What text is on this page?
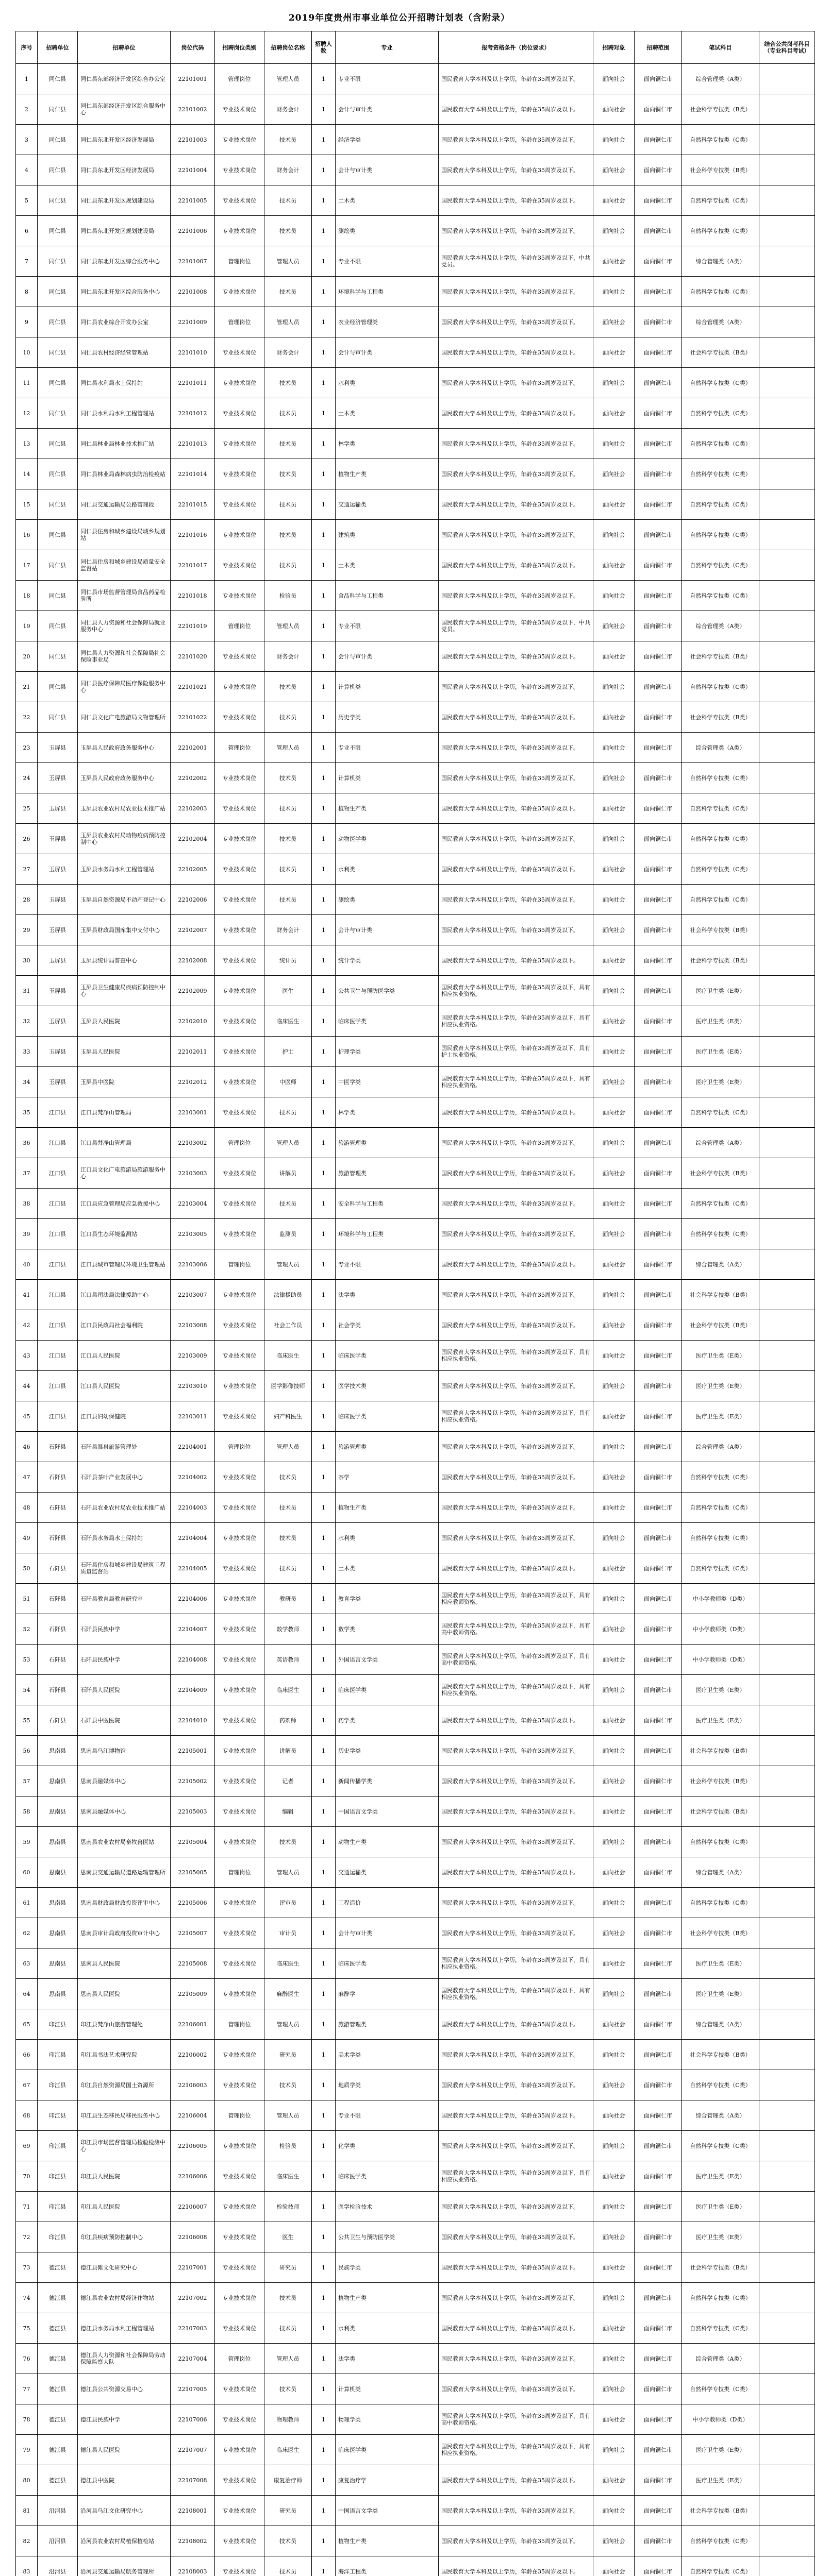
2019年度贵州市事业单位公开招聘计划表（含附录）
序号	招聘单位	招聘单位	岗位代码	招聘岗位类别	招聘岗位名称	招聘人数	专业	报考资格条件（岗位要求）	招聘对象	招聘范围	笔试科目	结合公共岗考科目（专业科目考试）
1	同仁县	同仁县东部经济开发区综合办公室	22101001	管理岗位	管理人员	1	专业不限	国民教育大学本科及以上学历，年龄在35周岁及以下。	面向社会	面向铜仁市	综合管理类（A类）	
2	同仁县	同仁县东部经济开发区综合服务中心	22101002	专业技术岗位	财务会计	1	会计与审计类	国民教育大学本科及以上学历，年龄在35周岁及以下。	面向社会	面向铜仁市	社会科学专技类（B类）	
3	同仁县	同仁县东北开发区经济发展局	22101003	专业技术岗位	技术员	1	经济学类	国民教育大学本科及以上学历，年龄在35周岁及以下。	面向社会	面向铜仁市	自然科学专技类（C类）	
4	同仁县	同仁县东北开发区经济发展局	22101004	专业技术岗位	财务会计	1	会计与审计类	国民教育大学本科及以上学历，年龄在35周岁及以下。	面向社会	面向铜仁市	社会科学专技类（B类）	
5	同仁县	同仁县东北开发区规划建设局	22101005	专业技术岗位	技术员	1	土木类	国民教育大学本科及以上学历，年龄在35周岁及以下。	面向社会	面向铜仁市	自然科学专技类（C类）	
6	同仁县	同仁县东北开发区规划建设局	22101006	专业技术岗位	技术员	1	测绘类	国民教育大学本科及以上学历，年龄在35周岁及以下。	面向社会	面向铜仁市	自然科学专技类（C类）	
7	同仁县	同仁县东北开发区综合服务中心	22101007	管理岗位	管理人员	1	专业不限	国民教育大学本科及以上学历，年龄在35周岁及以下，中共党员。	面向社会	面向铜仁市	综合管理类（A类）	
8	同仁县	同仁县东北开发区综合服务中心	22101008	专业技术岗位	技术员	1	环境科学与工程类	国民教育大学本科及以上学历，年龄在35周岁及以下。	面向社会	面向铜仁市	自然科学专技类（C类）	
9	同仁县	同仁县农业综合开发办公室	22101009	管理岗位	管理人员	1	农业经济管理类	国民教育大学本科及以上学历，年龄在35周岁及以下。	面向社会	面向铜仁市	综合管理类（A类）	
10	同仁县	同仁县农村经济经营管理站	22101010	专业技术岗位	财务会计	1	会计与审计类	国民教育大学本科及以上学历，年龄在35周岁及以下。	面向社会	面向铜仁市	社会科学专技类（B类）	
11	同仁县	同仁县水利局水土保持站	22101011	专业技术岗位	技术员	1	水利类	国民教育大学本科及以上学历，年龄在35周岁及以下。	面向社会	面向铜仁市	自然科学专技类（C类）	
12	同仁县	同仁县水利局水利工程管理站	22101012	专业技术岗位	技术员	1	土木类	国民教育大学本科及以上学历，年龄在35周岁及以下。	面向社会	面向铜仁市	自然科学专技类（C类）	
13	同仁县	同仁县林业局林业技术推广站	22101013	专业技术岗位	技术员	1	林学类	国民教育大学本科及以上学历，年龄在35周岁及以下。	面向社会	面向铜仁市	自然科学专技类（C类）	
14	同仁县	同仁县林业局森林病虫防治检疫站	22101014	专业技术岗位	技术员	1	植物生产类	国民教育大学本科及以上学历，年龄在35周岁及以下。	面向社会	面向铜仁市	自然科学专技类（C类）	
15	同仁县	同仁县交通运输局公路管理段	22101015	专业技术岗位	技术员	1	交通运输类	国民教育大学本科及以上学历，年龄在35周岁及以下。	面向社会	面向铜仁市	自然科学专技类（C类）	
16	同仁县	同仁县住房和城乡建设局城乡规划站	22101016	专业技术岗位	技术员	1	建筑类	国民教育大学本科及以上学历，年龄在35周岁及以下。	面向社会	面向铜仁市	自然科学专技类（C类）	
17	同仁县	同仁县住房和城乡建设局质量安全监督站	22101017	专业技术岗位	技术员	1	土木类	国民教育大学本科及以上学历，年龄在35周岁及以下。	面向社会	面向铜仁市	自然科学专技类（C类）	
18	同仁县	同仁县市场监督管理局食品药品检验所	22101018	专业技术岗位	检验员	1	食品科学与工程类	国民教育大学本科及以上学历，年龄在35周岁及以下。	面向社会	面向铜仁市	自然科学专技类（C类）	
19	同仁县	同仁县人力资源和社会保障局就业服务中心	22101019	管理岗位	管理人员	1	专业不限	国民教育大学本科及以上学历，年龄在35周岁及以下，中共党员。	面向社会	面向铜仁市	综合管理类（A类）	
20	同仁县	同仁县人力资源和社会保障局社会保险事业局	22101020	专业技术岗位	财务会计	1	会计与审计类	国民教育大学本科及以上学历，年龄在35周岁及以下。	面向社会	面向铜仁市	社会科学专技类（B类）	
21	同仁县	同仁县医疗保障局医疗保险服务中心	22101021	专业技术岗位	技术员	1	计算机类	国民教育大学本科及以上学历，年龄在35周岁及以下。	面向社会	面向铜仁市	自然科学专技类（C类）	
22	同仁县	同仁县文化广电旅游局文物管理所	22101022	专业技术岗位	技术员	1	历史学类	国民教育大学本科及以上学历，年龄在35周岁及以下。	面向社会	面向铜仁市	社会科学专技类（B类）	
23	玉屏县	玉屏县人民政府政务服务中心	22102001	管理岗位	管理人员	1	专业不限	国民教育大学本科及以上学历，年龄在35周岁及以下。	面向社会	面向铜仁市	综合管理类（A类）	
24	玉屏县	玉屏县人民政府政务服务中心	22102002	专业技术岗位	技术员	1	计算机类	国民教育大学本科及以上学历，年龄在35周岁及以下。	面向社会	面向铜仁市	自然科学专技类（C类）	
25	玉屏县	玉屏县农业农村局农业技术推广站	22102003	专业技术岗位	技术员	1	植物生产类	国民教育大学本科及以上学历，年龄在35周岁及以下。	面向社会	面向铜仁市	自然科学专技类（C类）	
26	玉屏县	玉屏县农业农村局动物疫病预防控制中心	22102004	专业技术岗位	技术员	1	动物医学类	国民教育大学本科及以上学历，年龄在35周岁及以下。	面向社会	面向铜仁市	自然科学专技类（C类）	
27	玉屏县	玉屏县水务局水利工程管理站	22102005	专业技术岗位	技术员	1	水利类	国民教育大学本科及以上学历，年龄在35周岁及以下。	面向社会	面向铜仁市	自然科学专技类（C类）	
28	玉屏县	玉屏县自然资源局不动产登记中心	22102006	专业技术岗位	技术员	1	测绘类	国民教育大学本科及以上学历，年龄在35周岁及以下。	面向社会	面向铜仁市	自然科学专技类（C类）	
29	玉屏县	玉屏县财政局国库集中支付中心	22102007	专业技术岗位	财务会计	1	会计与审计类	国民教育大学本科及以上学历，年龄在35周岁及以下。	面向社会	面向铜仁市	社会科学专技类（B类）	
30	玉屏县	玉屏县统计局普查中心	22102008	专业技术岗位	统计员	1	统计学类	国民教育大学本科及以上学历，年龄在35周岁及以下。	面向社会	面向铜仁市	社会科学专技类（B类）	
31	玉屏县	玉屏县卫生健康局疾病预防控制中心	22102009	专业技术岗位	医生	1	公共卫生与预防医学类	国民教育大学本科及以上学历，年龄在35周岁及以下，具有相应执业资格。	面向社会	面向铜仁市	医疗卫生类（E类）	
32	玉屏县	玉屏县人民医院	22102010	专业技术岗位	临床医生	1	临床医学类	国民教育大学本科及以上学历，年龄在35周岁及以下，具有相应执业资格。	面向社会	面向铜仁市	医疗卫生类（E类）	
33	玉屏县	玉屏县人民医院	22102011	专业技术岗位	护士	1	护理学类	国民教育大学本科及以上学历，年龄在35周岁及以下，具有护士执业资格。	面向社会	面向铜仁市	医疗卫生类（E类）	
34	玉屏县	玉屏县中医院	22102012	专业技术岗位	中医师	1	中医学类	国民教育大学本科及以上学历，年龄在35周岁及以下，具有相应执业资格。	面向社会	面向铜仁市	医疗卫生类（E类）	
35	江口县	江口县梵净山管理局	22103001	专业技术岗位	技术员	1	林学类	国民教育大学本科及以上学历，年龄在35周岁及以下。	面向社会	面向铜仁市	自然科学专技类（C类）	
36	江口县	江口县梵净山管理局	22103002	管理岗位	管理人员	1	旅游管理类	国民教育大学本科及以上学历，年龄在35周岁及以下。	面向社会	面向铜仁市	综合管理类（A类）	
37	江口县	江口县文化广电旅游局旅游服务中心	22103003	专业技术岗位	讲解员	1	旅游管理类	国民教育大学本科及以上学历，年龄在35周岁及以下。	面向社会	面向铜仁市	社会科学专技类（B类）	
38	江口县	江口县应急管理局应急救援中心	22103004	专业技术岗位	技术员	1	安全科学与工程类	国民教育大学本科及以上学历，年龄在35周岁及以下。	面向社会	面向铜仁市	自然科学专技类（C类）	
39	江口县	江口县生态环境监测站	22103005	专业技术岗位	监测员	1	环境科学与工程类	国民教育大学本科及以上学历，年龄在35周岁及以下。	面向社会	面向铜仁市	自然科学专技类（C类）	
40	江口县	江口县城市管理局环境卫生管理站	22103006	管理岗位	管理人员	1	专业不限	国民教育大学本科及以上学历，年龄在35周岁及以下。	面向社会	面向铜仁市	综合管理类（A类）	
41	江口县	江口县司法局法律援助中心	22103007	专业技术岗位	法律援助员	1	法学类	国民教育大学本科及以上学历，年龄在35周岁及以下。	面向社会	面向铜仁市	社会科学专技类（B类）	
42	江口县	江口县民政局社会福利院	22103008	专业技术岗位	社会工作员	1	社会学类	国民教育大学本科及以上学历，年龄在35周岁及以下。	面向社会	面向铜仁市	社会科学专技类（B类）	
43	江口县	江口县人民医院	22103009	专业技术岗位	临床医生	1	临床医学类	国民教育大学本科及以上学历，年龄在35周岁及以下，具有相应执业资格。	面向社会	面向铜仁市	医疗卫生类（E类）	
44	江口县	江口县人民医院	22103010	专业技术岗位	医学影像技师	1	医学技术类	国民教育大学本科及以上学历，年龄在35周岁及以下。	面向社会	面向铜仁市	医疗卫生类（E类）	
45	江口县	江口县妇幼保健院	22103011	专业技术岗位	妇产科医生	1	临床医学类	国民教育大学本科及以上学历，年龄在35周岁及以下，具有相应执业资格。	面向社会	面向铜仁市	医疗卫生类（E类）	
46	石阡县	石阡县温泉旅游管理处	22104001	管理岗位	管理人员	1	旅游管理类	国民教育大学本科及以上学历，年龄在35周岁及以下。	面向社会	面向铜仁市	综合管理类（A类）	
47	石阡县	石阡县茶叶产业发展中心	22104002	专业技术岗位	技术员	1	茶学	国民教育大学本科及以上学历，年龄在35周岁及以下。	面向社会	面向铜仁市	自然科学专技类（C类）	
48	石阡县	石阡县农业农村局农业技术推广站	22104003	专业技术岗位	技术员	1	植物生产类	国民教育大学本科及以上学历，年龄在35周岁及以下。	面向社会	面向铜仁市	自然科学专技类（C类）	
49	石阡县	石阡县水务局水土保持站	22104004	专业技术岗位	技术员	1	水利类	国民教育大学本科及以上学历，年龄在35周岁及以下。	面向社会	面向铜仁市	自然科学专技类（C类）	
50	石阡县	石阡县住房和城乡建设局建筑工程质量监督站	22104005	专业技术岗位	技术员	1	土木类	国民教育大学本科及以上学历，年龄在35周岁及以下。	面向社会	面向铜仁市	自然科学专技类（C类）	
51	石阡县	石阡县教育局教育研究室	22104006	专业技术岗位	教研员	1	教育学类	国民教育大学本科及以上学历，年龄在35周岁及以下，具有相应教师资格。	面向社会	面向铜仁市	中小学教师类（D类）	
52	石阡县	石阡县民族中学	22104007	专业技术岗位	数学教师	1	数学类	国民教育大学本科及以上学历，年龄在35周岁及以下，具有高中教师资格。	面向社会	面向铜仁市	中小学教师类（D类）	
53	石阡县	石阡县民族中学	22104008	专业技术岗位	英语教师	1	外国语言文学类	国民教育大学本科及以上学历，年龄在35周岁及以下，具有高中教师资格。	面向社会	面向铜仁市	中小学教师类（D类）	
54	石阡县	石阡县人民医院	22104009	专业技术岗位	临床医生	1	临床医学类	国民教育大学本科及以上学历，年龄在35周岁及以下，具有相应执业资格。	面向社会	面向铜仁市	医疗卫生类（E类）	
55	石阡县	石阡县中医医院	22104010	专业技术岗位	药剂师	1	药学类	国民教育大学本科及以上学历，年龄在35周岁及以下。	面向社会	面向铜仁市	医疗卫生类（E类）	
56	思南县	思南县乌江博物馆	22105001	专业技术岗位	讲解员	1	历史学类	国民教育大学本科及以上学历，年龄在35周岁及以下。	面向社会	面向铜仁市	社会科学专技类（B类）	
57	思南县	思南县融媒体中心	22105002	专业技术岗位	记者	1	新闻传播学类	国民教育大学本科及以上学历，年龄在35周岁及以下。	面向社会	面向铜仁市	社会科学专技类（B类）	
58	思南县	思南县融媒体中心	22105003	专业技术岗位	编辑	1	中国语言文学类	国民教育大学本科及以上学历，年龄在35周岁及以下。	面向社会	面向铜仁市	社会科学专技类（B类）	
59	思南县	思南县农业农村局畜牧兽医站	22105004	专业技术岗位	技术员	1	动物生产类	国民教育大学本科及以上学历，年龄在35周岁及以下。	面向社会	面向铜仁市	自然科学专技类（C类）	
60	思南县	思南县交通运输局道路运输管理所	22105005	管理岗位	管理人员	1	交通运输类	国民教育大学本科及以上学历，年龄在35周岁及以下。	面向社会	面向铜仁市	综合管理类（A类）	
61	思南县	思南县财政局财政投资评审中心	22105006	专业技术岗位	评审员	1	工程造价	国民教育大学本科及以上学历，年龄在35周岁及以下。	面向社会	面向铜仁市	自然科学专技类（C类）	
62	思南县	思南县审计局政府投资审计中心	22105007	专业技术岗位	审计员	1	会计与审计类	国民教育大学本科及以上学历，年龄在35周岁及以下。	面向社会	面向铜仁市	社会科学专技类（B类）	
63	思南县	思南县人民医院	22105008	专业技术岗位	临床医生	1	临床医学类	国民教育大学本科及以上学历，年龄在35周岁及以下，具有相应执业资格。	面向社会	面向铜仁市	医疗卫生类（E类）	
64	思南县	思南县人民医院	22105009	专业技术岗位	麻醉医生	1	麻醉学	国民教育大学本科及以上学历，年龄在35周岁及以下，具有相应执业资格。	面向社会	面向铜仁市	医疗卫生类（E类）	
65	印江县	印江县梵净山旅游管理处	22106001	管理岗位	管理人员	1	旅游管理类	国民教育大学本科及以上学历，年龄在35周岁及以下。	面向社会	面向铜仁市	综合管理类（A类）	
66	印江县	印江县书法艺术研究院	22106002	专业技术岗位	研究员	1	美术学类	国民教育大学本科及以上学历，年龄在35周岁及以下。	面向社会	面向铜仁市	社会科学专技类（B类）	
67	印江县	印江县自然资源局国土资源所	22106003	专业技术岗位	技术员	1	地质学类	国民教育大学本科及以上学历，年龄在35周岁及以下。	面向社会	面向铜仁市	自然科学专技类（C类）	
68	印江县	印江县生态移民局移民服务中心	22106004	管理岗位	管理人员	1	专业不限	国民教育大学本科及以上学历，年龄在35周岁及以下。	面向社会	面向铜仁市	综合管理类（A类）	
69	印江县	印江县市场监督管理局检验检测中心	22106005	专业技术岗位	检验员	1	化学类	国民教育大学本科及以上学历，年龄在35周岁及以下。	面向社会	面向铜仁市	自然科学专技类（C类）	
70	印江县	印江县人民医院	22106006	专业技术岗位	临床医生	1	临床医学类	国民教育大学本科及以上学历，年龄在35周岁及以下，具有相应执业资格。	面向社会	面向铜仁市	医疗卫生类（E类）	
71	印江县	印江县人民医院	22106007	专业技术岗位	检验技师	1	医学检验技术	国民教育大学本科及以上学历，年龄在35周岁及以下。	面向社会	面向铜仁市	医疗卫生类（E类）	
72	印江县	印江县疾病预防控制中心	22106008	专业技术岗位	医生	1	公共卫生与预防医学类	国民教育大学本科及以上学历，年龄在35周岁及以下。	面向社会	面向铜仁市	医疗卫生类（E类）	
73	德江县	德江县傩文化研究中心	22107001	专业技术岗位	研究员	1	民族学类	国民教育大学本科及以上学历，年龄在35周岁及以下。	面向社会	面向铜仁市	社会科学专技类（B类）	
74	德江县	德江县农业农村局经济作物站	22107002	专业技术岗位	技术员	1	植物生产类	国民教育大学本科及以上学历，年龄在35周岁及以下。	面向社会	面向铜仁市	自然科学专技类（C类）	
75	德江县	德江县水务局水利工程管理站	22107003	专业技术岗位	技术员	1	水利类	国民教育大学本科及以上学历，年龄在35周岁及以下。	面向社会	面向铜仁市	自然科学专技类（C类）	
76	德江县	德江县人力资源和社会保障局劳动保障监察大队	22107004	管理岗位	管理人员	1	法学类	国民教育大学本科及以上学历，年龄在35周岁及以下。	面向社会	面向铜仁市	综合管理类（A类）	
77	德江县	德江县公共资源交易中心	22107005	专业技术岗位	技术员	1	计算机类	国民教育大学本科及以上学历，年龄在35周岁及以下。	面向社会	面向铜仁市	自然科学专技类（C类）	
78	德江县	德江县民族中学	22107006	专业技术岗位	物理教师	1	物理学类	国民教育大学本科及以上学历，年龄在35周岁及以下，具有高中教师资格。	面向社会	面向铜仁市	中小学教师类（D类）	
79	德江县	德江县人民医院	22107007	专业技术岗位	临床医生	1	临床医学类	国民教育大学本科及以上学历，年龄在35周岁及以下，具有相应执业资格。	面向社会	面向铜仁市	医疗卫生类（E类）	
80	德江县	德江县中医院	22107008	专业技术岗位	康复治疗师	1	康复治疗学	国民教育大学本科及以上学历，年龄在35周岁及以下。	面向社会	面向铜仁市	医疗卫生类（E类）	
81	沿河县	沿河县乌江文化研究中心	22108001	专业技术岗位	研究员	1	中国语言文学类	国民教育大学本科及以上学历，年龄在35周岁及以下。	面向社会	面向铜仁市	社会科学专技类（B类）	
82	沿河县	沿河县农业农村局植保植检站	22108002	专业技术岗位	技术员	1	植物生产类	国民教育大学本科及以上学历，年龄在35周岁及以下。	面向社会	面向铜仁市	自然科学专技类（C类）	
83	沿河县	沿河县交通运输局航务管理所	22108003	专业技术岗位	技术员	1	海洋工程类	国民教育大学本科及以上学历，年龄在35周岁及以下。	面向社会	面向铜仁市	自然科学专技类（C类）	
